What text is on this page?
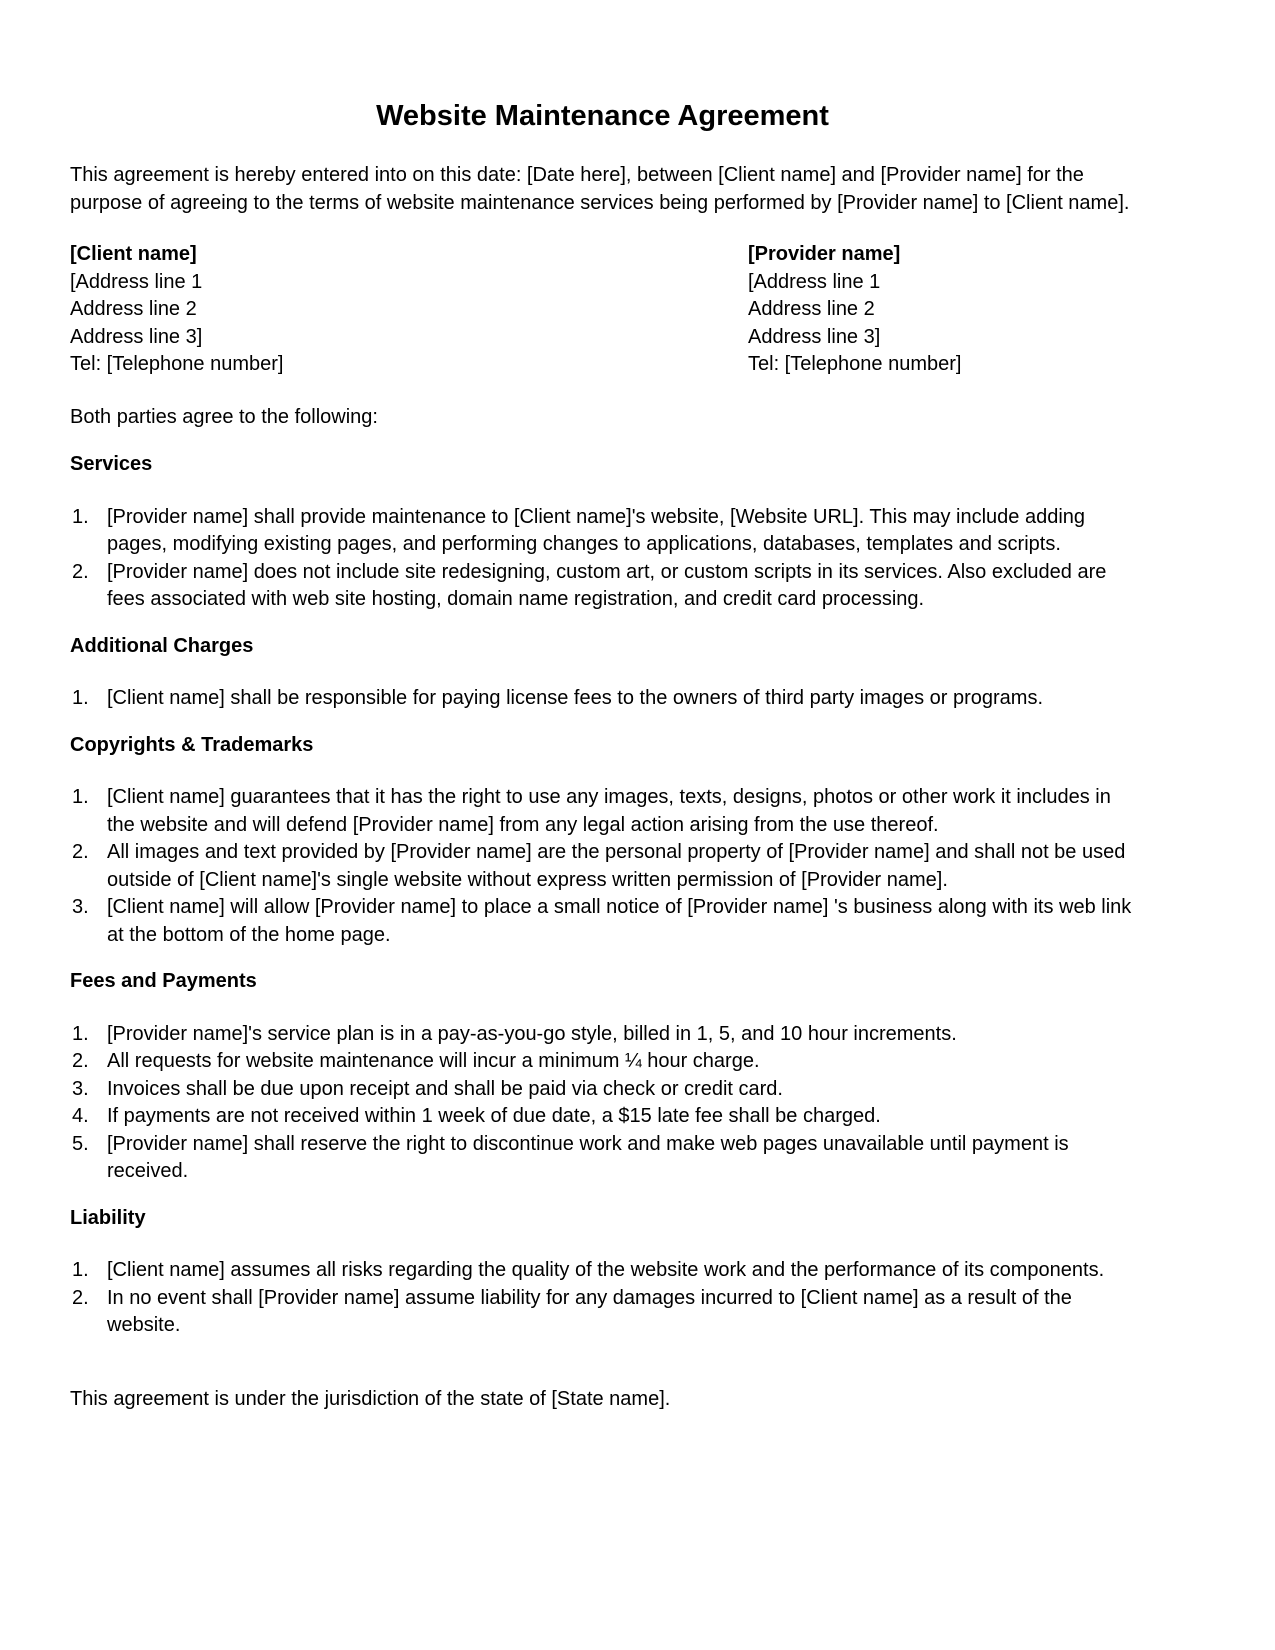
Website Maintenance Agreement

This agreement is hereby entered into on this date: [Date here], between [Client name] and [Provider name] for the purpose of agreeing to the terms of website maintenance services being performed by [Provider name] to [Client name].

[Client name]
[Address line 1
Address line 2
Address line 3]
Tel: [Telephone number]
[Provider name]
[Address line 1
Address line 2
Address line 3]
Tel: [Telephone number]

Both parties agree to the following:

Services
[Provider name] shall provide maintenance to [Client name]'s website, [Website URL]. This may include adding pages, modifying existing pages, and performing changes to applications, databases, templates and scripts.
[Provider name] does not include site redesigning, custom art, or custom scripts in its services. Also excluded are fees associated with web site hosting, domain name registration, and credit card processing.
Additional Charges
[Client name] shall be responsible for paying license fees to the owners of third party images or programs.
Copyrights & Trademarks
[Client name] guarantees that it has the right to use any images, texts, designs, photos or other work it includes in the website and will defend [Provider name] from any legal action arising from the use thereof.
All images and text provided by [Provider name] are the personal property of [Provider name] and shall not be used outside of [Client name]'s single website without express written permission of [Provider name].
[Client name] will allow [Provider name] to place a small notice of [Provider name] 's business along with its web link at the bottom of the home page.
Fees and Payments
[Provider name]'s service plan is in a pay-as-you-go style, billed in 1, 5, and 10 hour increments.
All requests for website maintenance will incur a minimum ¼ hour charge.
Invoices shall be due upon receipt and shall be paid via check or credit card.
If payments are not received within 1 week of due date, a $15 late fee shall be charged.
[Provider name] shall reserve the right to discontinue work and make web pages unavailable until payment is received.
Liability
[Client name] assumes all risks regarding the quality of the website work and the performance of its components.
In no event shall [Provider name] assume liability for any damages incurred to [Client name] as a result of the website.

This agreement is under the jurisdiction of the state of [State name].
